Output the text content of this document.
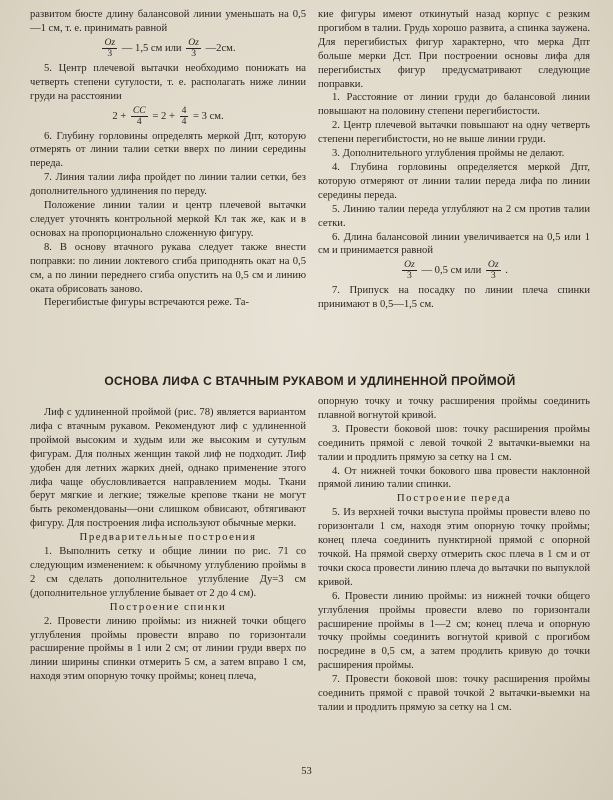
развитом бюсте длину балансовой линии уменьшать на 0,5—1 см, т. е. принимать равной

$\frac{Oz}{3}$ — 1,5 см или $\frac{Oz}{3}$ —2см.

5. Центр плечевой вытачки необходимо понижать на четверть степени сутулости, т. е. располагать ниже линии груди на расстоянии

$2 + \frac{CC}{4} = 2 + \frac{4}{4} = 3$ см.

6. Глубину горловины определять меркой Дпт, которую отмерять от линии талии сетки вверх по линии середины переда.

7. Линия талии лифа пройдет по линии талии сетки, без дополнительного удлинения по переду.

Положение линии талии и центр плечевой вытачки следует уточнять контрольной меркой Кл так же, как и в основах на пропорционально сложенную фигуру.

8. В основу втачного рукава следует также внести поправки: по линии локтевого сгиба приподнять окат на 0,5 см, а по линии переднего сгиба опустить на 0,5 см и линию оката обрисовать заново.

Перегибистые фигуры встречаются реже. Та-

кие фигуры имеют откинутый назад корпус с резким прогибом в талии. Грудь хорошо развита, а спинка заужена. Для перегибистых фигур характерно, что мерка Дпт больше мерки Дст. При построении основы лифа для перегибистых фигур предусматривают следующие поправки.

1. Расстояние от линии груди до балансовой линии повышают на половину степени перегибистости.

2. Центр плечевой вытачки повышают на одну четверть степени перегибистости, но не выше линии груди.

3. Дополнительного углубления проймы не делают.

4. Глубина горловины определяется меркой Дпт, которую отмеряют от линии талии переда лифа по линии середины переда.

5. Линию талии переда углубляют на 2 см против талии сетки.

6. Длина балансовой линии увеличивается на 0,5 или 1 см и принимается равной

$\frac{Oz}{3}$ — 0,5 см или $\frac{Oz}{3}$ .

7. Припуск на посадку по линии плеча спинки принимают в 0,5—1,5 см.

ОСНОВА ЛИФА С ВТАЧНЫМ РУКАВОМ И УДЛИНЕННОЙ ПРОЙМОЙ

Лиф с удлиненной проймой (рис. 78) является вариантом лифа с втачным рукавом. Рекомендуют лиф с удлиненной проймой высоким и худым или же высоким и сутулым фигурам. Для полных женщин такой лиф не подходит. Лиф удобен для летних жарких дней, однако применение этого лифа чаще обусловливается направлением моды. Ткани берут мягкие и легкие; тяжелые крепове ткани не могут быть рекомендованы—они слишком обвисают, обтягивают фигуру. Для построения лифа используют обычные мерки.

Предварительные построения

1. Выполнить сетку и общие линии по рис. 71 со следующим изменением: к обычному углублению проймы в 2 см сделать дополнительное углубление Ду=3 см (дополнительное углубление бывает от 2 до 4 см).

Построение спинки

2. Провести линию проймы: из нижней точки общего углубления проймы провести вправо по горизонтали расширение проймы в 1 или 2 см; от линии груди вверх по линии ширины спинки отмерить 5 см, а затем вправо 1 см, находя этим опорную точку проймы; конец плеча,

опорную точку и точку расширения проймы соединить плавной вогнутой кривой.

3. Провести боковой шов: точку расширения проймы соединить прямой с левой точкой 2 вытачки-выемки на талии и продлить прямую за сетку на 1 см.

4. От нижней точки бокового шва провести наклонной прямой линию талии спинки.

Построение переда

5. Из верхней точки выступа проймы провести влево по горизонтали 1 см, находя этим опорную точку проймы; конец плеча соединить пунктирной прямой с опорной точкой. На прямой сверху отмерить скос плеча в 1 см и от точки скоса провести линию плеча до вытачки по выпуклой кривой.

6. Провести линию проймы: из нижней точки общего углубления проймы провести влево по горизонтали расширение проймы в 1—2 см; конец плеча и опорную точку проймы соединить вогнутой кривой с прогибом посредине в 0,5 см, а затем продлить кривую до точки расширения проймы.

7. Провести боковой шов: точку расширения проймы соединить прямой с правой точкой 2 вытачки-выемки на талии и продлить прямую за сетку на 1 см.

53
